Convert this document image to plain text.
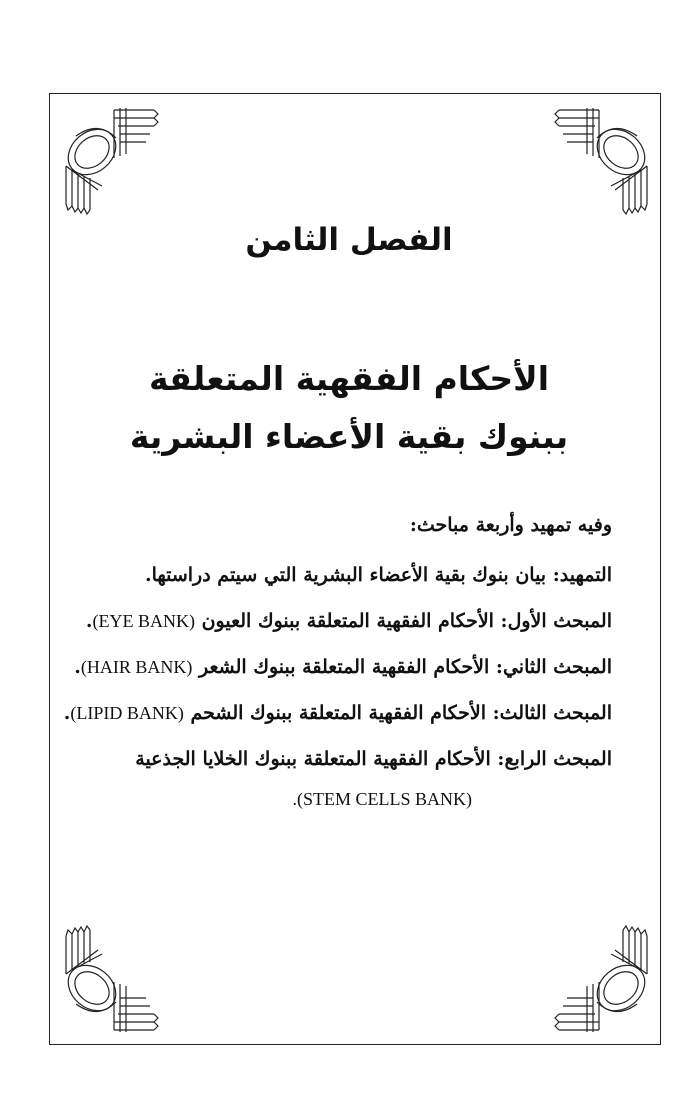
الفصل الثامن
الأحكام الفقهية المتعلقة
ببنوك بقية الأعضاء البشرية
وفيه تمهيد وأربعة مباحث:
التمهيد: بيان بنوك بقية الأعضاء البشرية التي سيتم دراستها.
المبحث الأول: الأحكام الفقهية المتعلقة ببنوك العيون (EYE BANK).
المبحث الثاني: الأحكام الفقهية المتعلقة ببنوك الشعر (HAIR BANK).
المبحث الثالث: الأحكام الفقهية المتعلقة ببنوك الشحم (LIPID BANK).
المبحث الرابع: الأحكام الفقهية المتعلقة ببنوك الخلايا الجذعية
.(STEM CELLS BANK)
